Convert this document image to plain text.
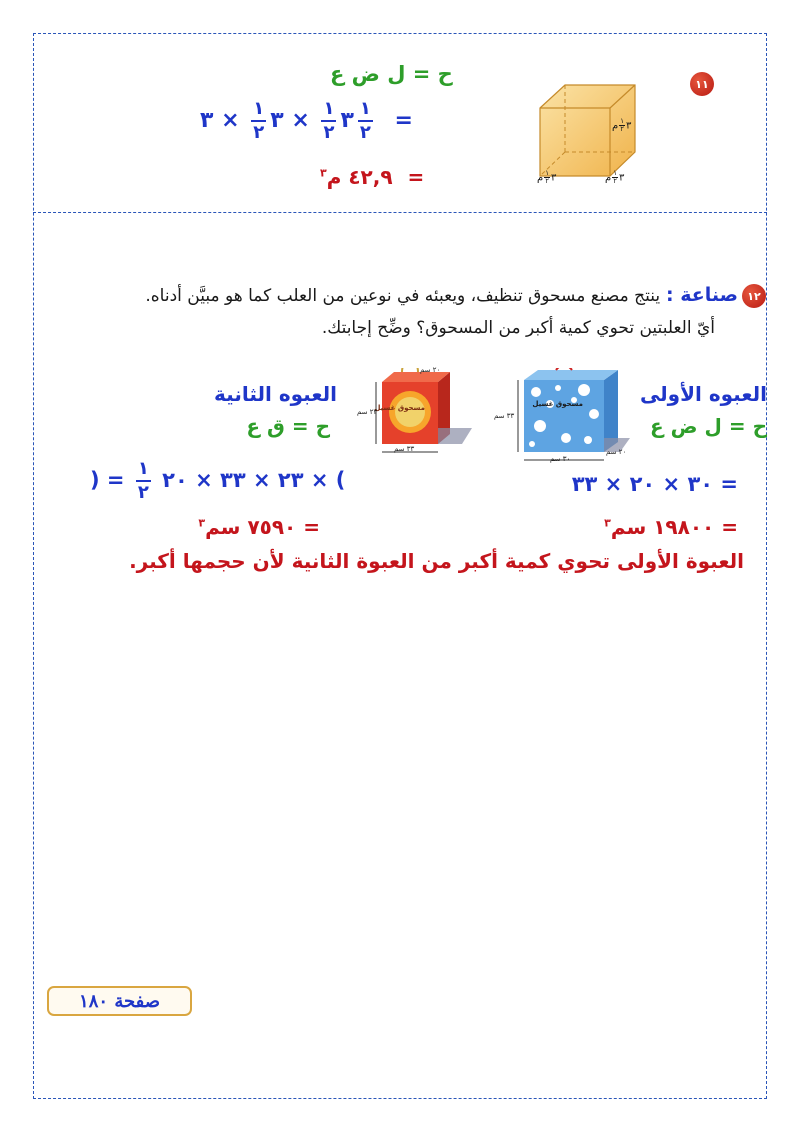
١١
٣
١
٢
م
٣
١
٢
م	٣
١
٢
م
ح = ل ض ع
٣
$\frac{١}{٢}$
× ٣
$\frac{١}{٢}$
× ٣	$\frac{١}{٢}$ =
٤٢,٩ م$^٣$	=
١٢
صناعة : ينتج مصنع مسحوق تنظيف، ويعبئه في نوعين من العلب كما هو مبيَّن أدناه.
أيّ العلبتين تحوي كمية أكبر من المسحوق؟ وضِّح إجابتك.
العبوه الأولى
ح = ل ض ع
مسحوق غسيل
٣٣ سم
٣٠ سم
٢٠ سم
= ٣٠ × ٢٠ × ٣٣
= ١٩٨٠٠ سم$^٣$
العبوه الثانية
ح = ق ع
مسحوق غسيل
٢٣ سم
٣٣ سم
٢٠ سم
) × ٢٣ × ٣٣ × ٢٠
$\frac{١}{٢}$
= (
= ٧٥٩٠ سم$^٣$
العبوة الأولى تحوي كمية أكبر من العبوة الثانية لأن حجمها أكبر.
صفحة ١٨٠
